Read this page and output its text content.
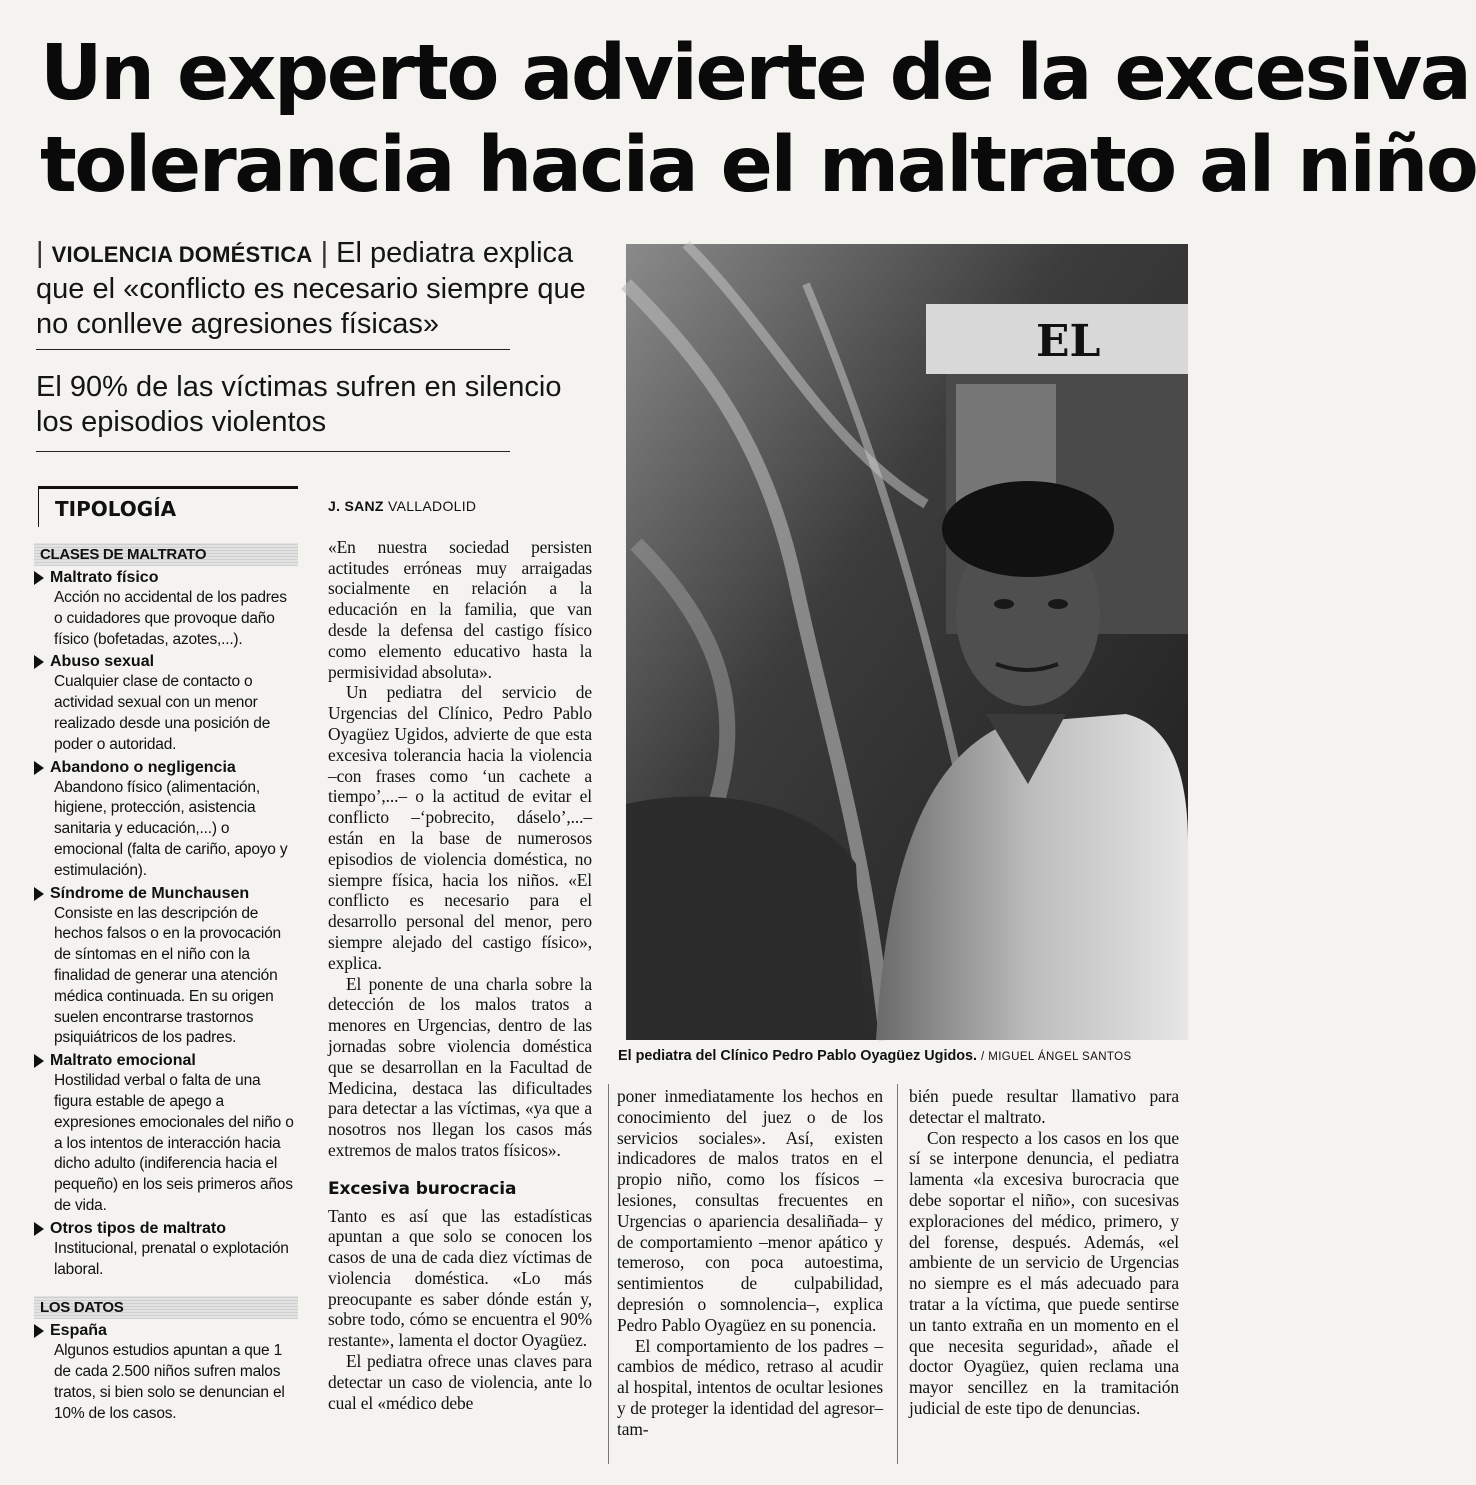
Un experto advierte de la excesiva
tolerancia hacia el maltrato al niño
| VIOLENCIA DOMÉSTICA | El pediatra explica que el «conflicto es necesario siempre que no conlleve agresiones físicas»
El 90% de las víctimas sufren en silencio los episodios violentos
TIPOLOGÍA
CLASES DE MALTRATO
Maltrato físico

Acción no accidental de los padres o cuidadores que provoque daño físico (bofetadas, azotes,...).

Abuso sexual

Cualquier clase de contacto o actividad sexual con un menor realizado desde una posición de poder o autoridad.

Abandono o negligencia

Abandono físico (alimentación, higiene, protección, asistencia sanitaria y educación,...) o emocional (falta de cariño, apoyo y estimulación).

Síndrome de Munchausen

Consiste en las descripción de hechos falsos o en la provocación de síntomas en el niño con la finalidad de generar una atención médica continuada. En su origen suelen encontrarse trastornos psiquiátricos de los padres.

Maltrato emocional

Hostilidad verbal o falta de una figura estable de apego a expresiones emocionales del niño o a los intentos de interacción hacia dicho adulto (indiferencia hacia el pequeño) en los seis primeros años de vida.

Otros tipos de maltrato

Institucional, prenatal o explotación laboral.

LOS DATOS
España

Algunos estudios apuntan a que 1 de cada 2.500 niños sufren malos tratos, si bien solo se denuncian el 10% de los casos.

J. SANZ VALLADOLID

«En nuestra sociedad persisten actitudes erróneas muy arraigadas socialmente en relación a la educación en la familia, que van desde la defensa del castigo físico como elemento educativo hasta la permisividad absoluta».

Un pediatra del servicio de Urgencias del Clínico, Pedro Pablo Oyagüez Ugidos, advierte de que esta excesiva tolerancia hacia la violencia –con frases como ‘un cachete a tiempo’,...– o la actitud de evitar el conflicto –‘pobrecito, dáselo’,...– están en la base de numerosos episodios de violencia doméstica, no siempre física, hacia los niños. «El conflicto es necesario para el desarrollo personal del menor, pero siempre alejado del castigo físico», explica.

El ponente de una charla sobre la detección de los malos tratos a menores en Urgencias, dentro de las jornadas sobre violencia doméstica que se desarrollan en la Facultad de Medicina, destaca las dificultades para detectar a las víctimas, «ya que a nosotros nos llegan los casos más extremos de malos tratos físicos».

Excesiva burocracia

Tanto es así que las estadísticas apuntan a que solo se conocen los casos de una de cada diez víctimas de violencia doméstica. «Lo más preocupante es saber dónde están y, sobre todo, cómo se encuentra el 90% restante», lamenta el doctor Oyagüez.

El pediatra ofrece unas claves para detectar un caso de violencia, ante lo cual el «médico debe

poner inmediatamente los hechos en conocimiento del juez o de los servicios sociales». Así, existen indicadores de malos tratos en el propio niño, como los físicos –lesiones, consultas frecuentes en Urgencias o apariencia desaliñada– y de comportamiento –menor apático y temeroso, con poca autoestima, sentimientos de culpabilidad, depresión o somnolencia–, explica Pedro Pablo Oyagüez en su ponencia.

El comportamiento de los padres –cambios de médico, retraso al acudir al hospital, intentos de ocultar lesiones y de proteger la identidad del agresor– tam-

bién puede resultar llamativo para detectar el maltrato.

Con respecto a los casos en los que sí se interpone denuncia, el pediatra lamenta «la excesiva burocracia que debe soportar el niño», con sucesivas exploraciones del médico, primero, y del forense, después. Además, «el ambiente de un servicio de Urgencias no siempre es el más adecuado para tratar a la víctima, que puede sentirse un tanto extraña en un momento en el que necesita seguridad», añade el doctor Oyagüez, quien reclama una mayor sencillez en la tramitación judicial de este tipo de denuncias.

EL
El pediatra del Clínico Pedro Pablo Oyagüez Ugidos. / MIGUEL ÁNGEL SANTOS
